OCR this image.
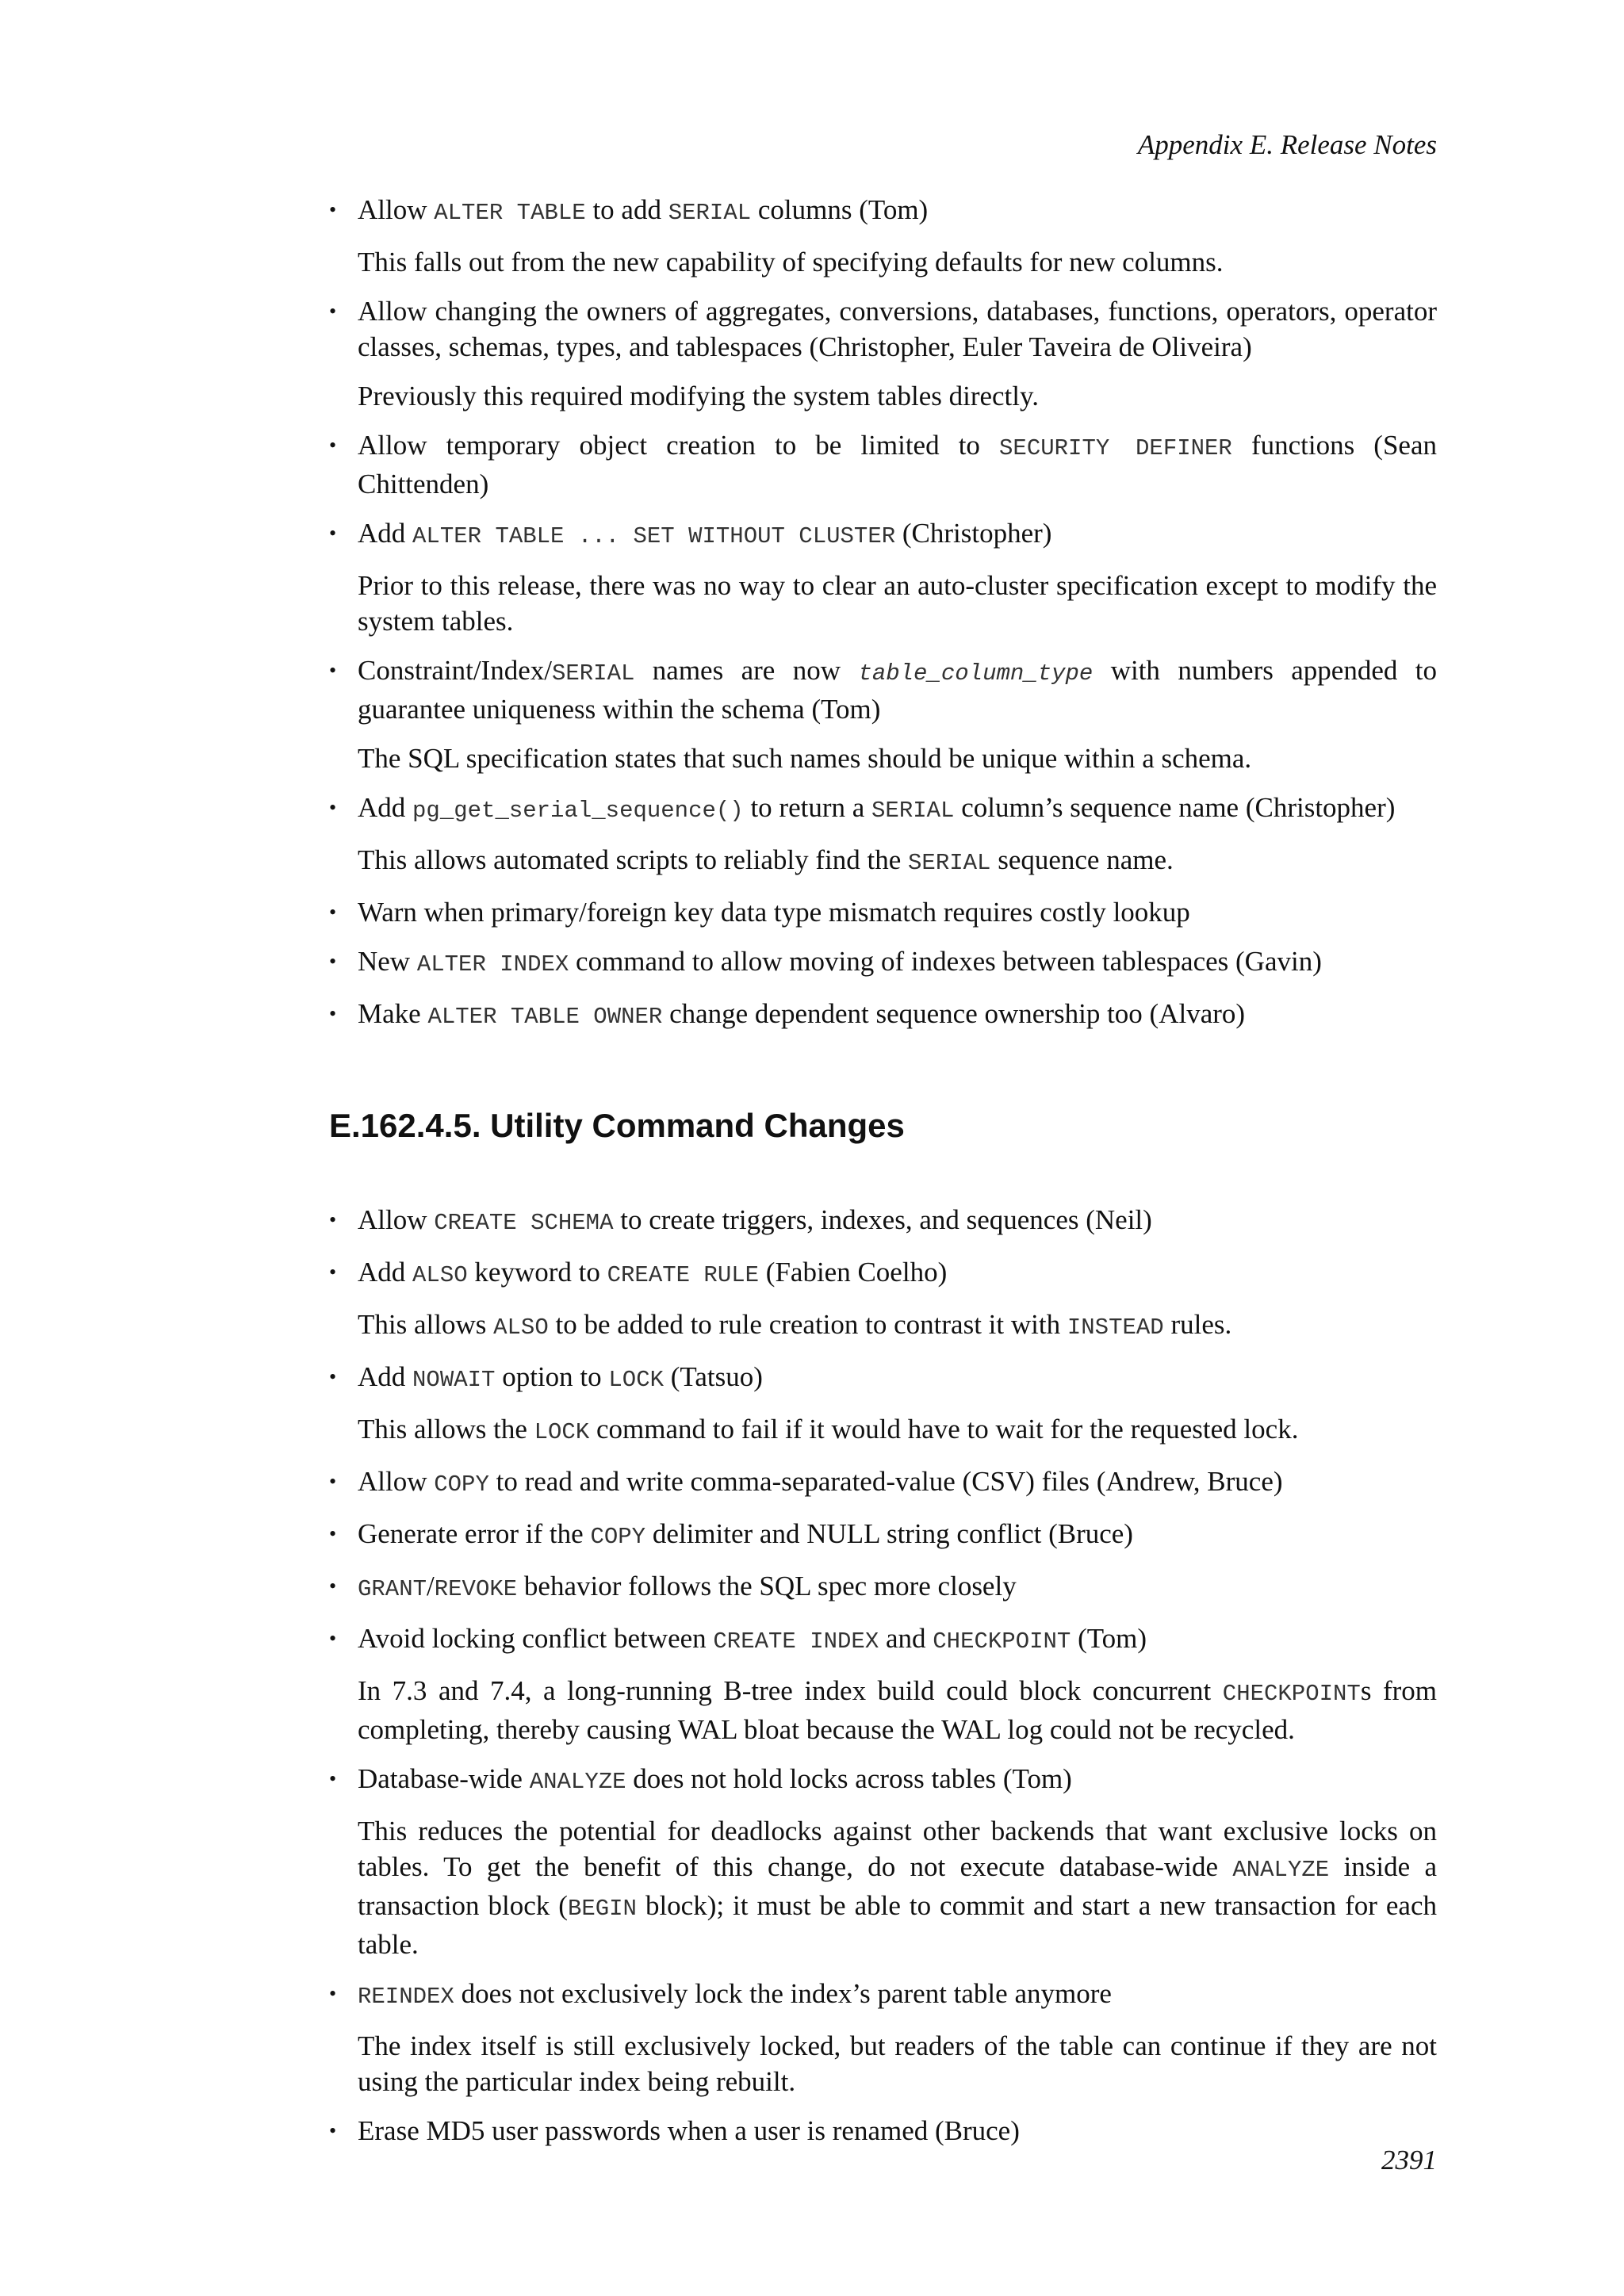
Appendix E. Release Notes
• Allow ALTER TABLE to add SERIAL columns (Tom)

This falls out from the new capability of specifying defaults for new columns.

• Allow changing the owners of aggregates, conversions, databases, functions, operators, operator classes, schemas, types, and tablespaces (Christopher, Euler Taveira de Oliveira)

Previously this required modifying the system tables directly.

• Allow temporary object creation to be limited to SECURITY DEFINER functions (Sean Chittenden)
• Add ALTER TABLE ... SET WITHOUT CLUSTER (Christopher)

Prior to this release, there was no way to clear an auto-cluster specification except to modify the system tables.

• Constraint/Index/SERIAL names are now table_column_type with numbers appended to guarantee uniqueness within the schema (Tom)

The SQL specification states that such names should be unique within a schema.

• Add pg_get_serial_sequence() to return a SERIAL column’s sequence name (Christopher)

This allows automated scripts to reliably find the SERIAL sequence name.

• Warn when primary/foreign key data type mismatch requires costly lookup
• New ALTER INDEX command to allow moving of indexes between tablespaces (Gavin)
• Make ALTER TABLE OWNER change dependent sequence ownership too (Alvaro)
E.162.4.5. Utility Command Changes
• Allow CREATE SCHEMA to create triggers, indexes, and sequences (Neil)
• Add ALSO keyword to CREATE RULE (Fabien Coelho)

This allows ALSO to be added to rule creation to contrast it with INSTEAD rules.

• Add NOWAIT option to LOCK (Tatsuo)

This allows the LOCK command to fail if it would have to wait for the requested lock.

• Allow COPY to read and write comma-separated-value (CSV) files (Andrew, Bruce)
• Generate error if the COPY delimiter and NULL string conflict (Bruce)
• GRANT/REVOKE behavior follows the SQL spec more closely
• Avoid locking conflict between CREATE INDEX and CHECKPOINT (Tom)

In 7.3 and 7.4, a long-running B-tree index build could block concurrent CHECKPOINTs from completing, thereby causing WAL bloat because the WAL log could not be recycled.

• Database-wide ANALYZE does not hold locks across tables (Tom)

This reduces the potential for deadlocks against other backends that want exclusive locks on tables. To get the benefit of this change, do not execute database-wide ANALYZE inside a transaction block (BEGIN block); it must be able to commit and start a new transaction for each table.

• REINDEX does not exclusively lock the index’s parent table anymore

The index itself is still exclusively locked, but readers of the table can continue if they are not using the particular index being rebuilt.

• Erase MD5 user passwords when a user is renamed (Bruce)
2391
